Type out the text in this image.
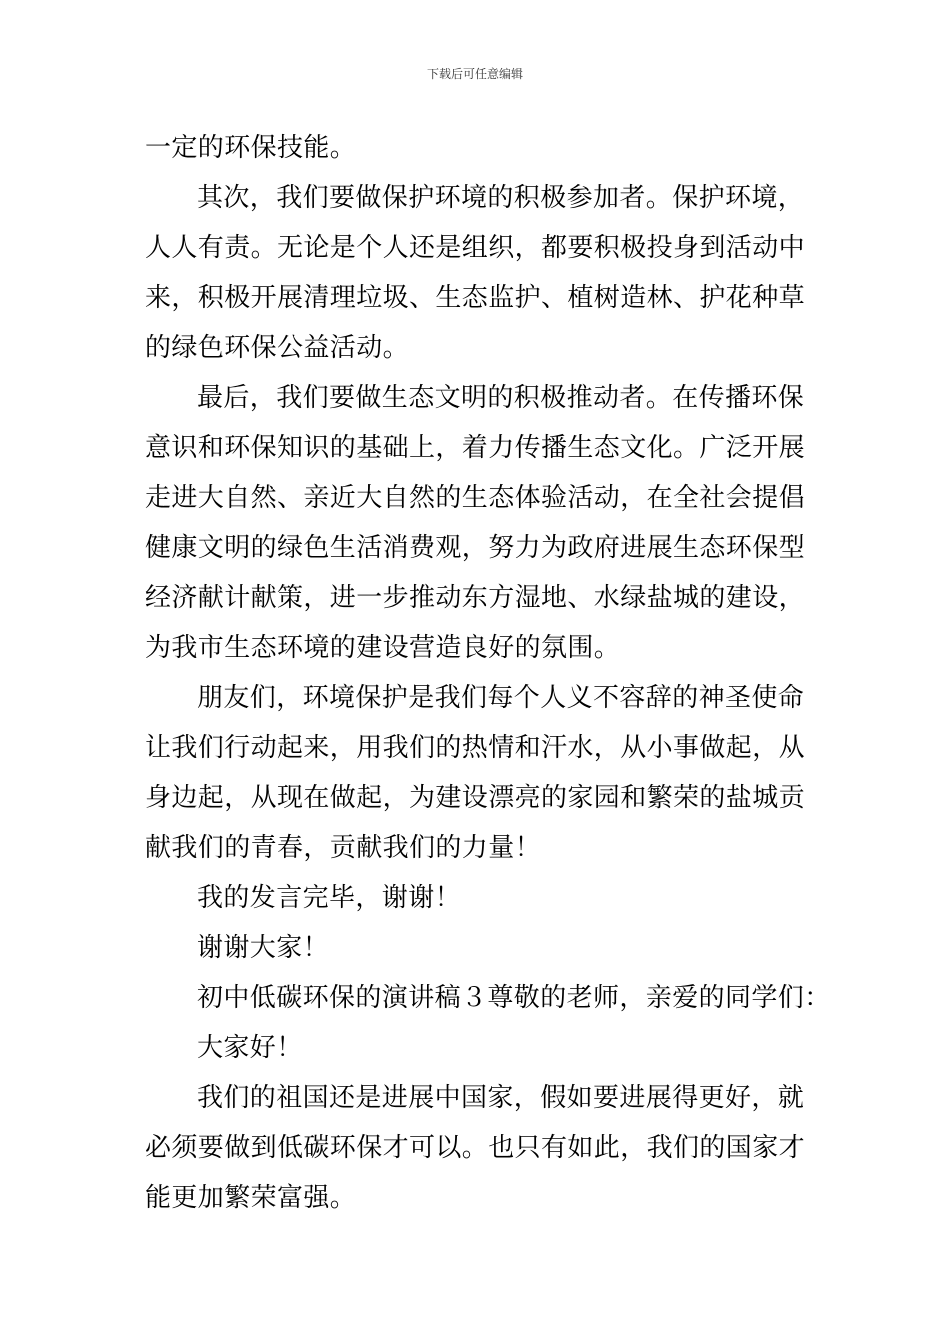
下载后可任意编辑
一定的环保技能。
其次，我们要做保护环境的积极参加者。保护环境，
人人有责。无论是个人还是组织，都要积极投身到活动中
来，积极开展清理垃圾、生态监护、植树造林、护花种草
的绿色环保公益活动。
最后，我们要做生态文明的积极推动者。在传播环保
意识和环保知识的基础上，着力传播生态文化。广泛开展
走进大自然、亲近大自然的生态体验活动，在全社会提倡
健康文明的绿色生活消费观，努力为政府进展生态环保型
经济献计献策，进一步推动东方湿地、水绿盐城的建设，
为我市生态环境的建设营造良好的氛围。
朋友们，环境保护是我们每个人义不容辞的神圣使命
让我们行动起来，用我们的热情和汗水，从小事做起，从
身边起，从现在做起，为建设漂亮的家园和繁荣的盐城贡
献我们的青春，贡献我们的力量！
我的发言完毕，谢谢！
谢谢大家！
初中低碳环保的演讲稿３尊敬的老师，亲爱的同学们：
大家好！
我们的祖国还是进展中国家，假如要进展得更好，就
必须要做到低碳环保才可以。也只有如此，我们的国家才
能更加繁荣富强。
